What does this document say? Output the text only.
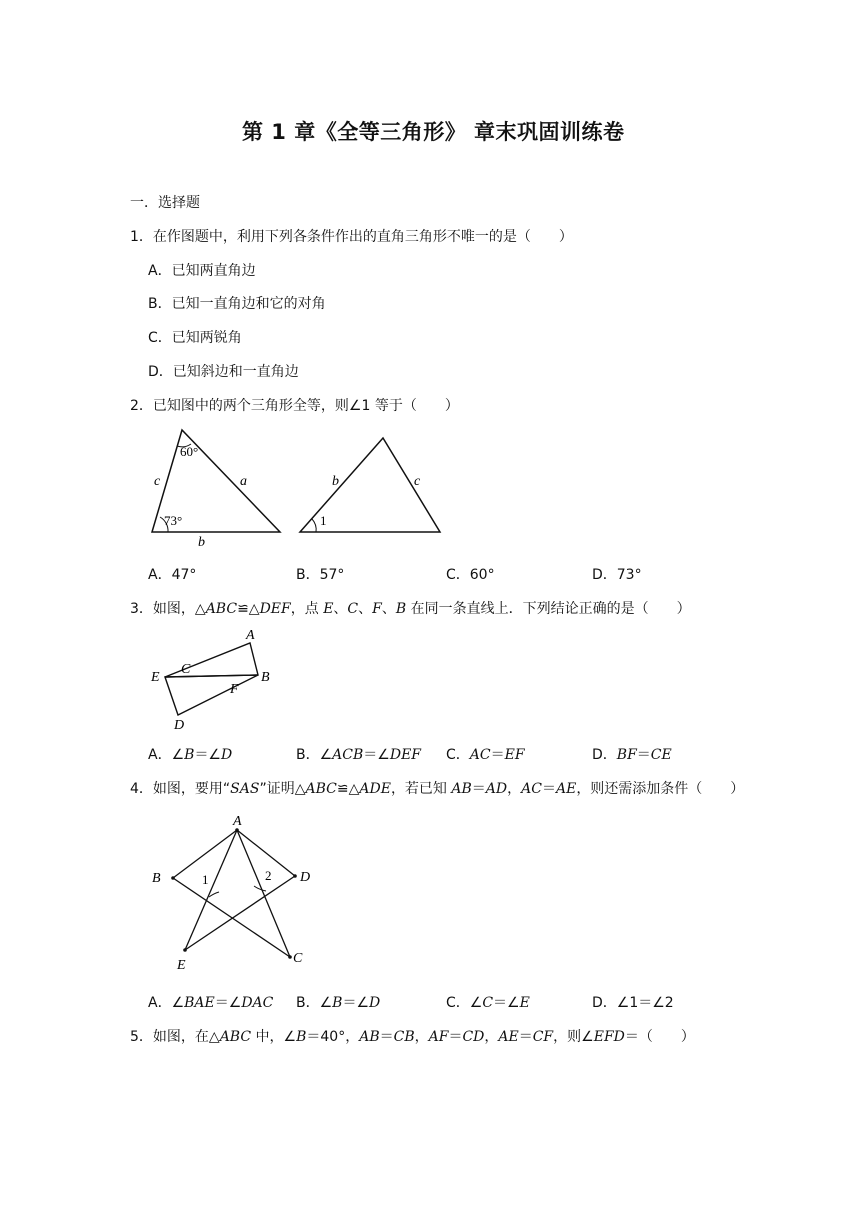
第 1 章《全等三角形》 章末巩固训练卷
一．选择题
1．在作图题中，利用下列各条件作出的直角三角形不唯一的是（　　）
A．已知两直角边
B．已知一直角边和它的对角
C．已知两锐角
D．已知斜边和一直角边
2．已知图中的两个三角形全等，则∠1 等于（　　）
60°
73°
c	a
b
1
b	c
A．47°	B．57°	C．60°	D．73°
3．如图，△ABC≌△DEF，点 E、C、F、B 在同一条直线上．下列结论正确的是（　　）
A
B
C
D
E
F
A．∠B＝∠D	B．∠ACB＝∠DEF C．AC＝EF	D．BF＝CE
4．如图，要用“SAS”证明△ABC≌△ADE，若已知 AB＝AD，AC＝AE，则还需添加条件（　　）
A
B	D
C
E
1	2
A．∠BAE＝∠DAC B．∠B＝∠D	C．∠C＝∠E	D．∠1＝∠2
5．如图，在△ABC 中，∠B＝40°，AB＝CB，AF＝CD，AE＝CF，则∠EFD＝（　　）
